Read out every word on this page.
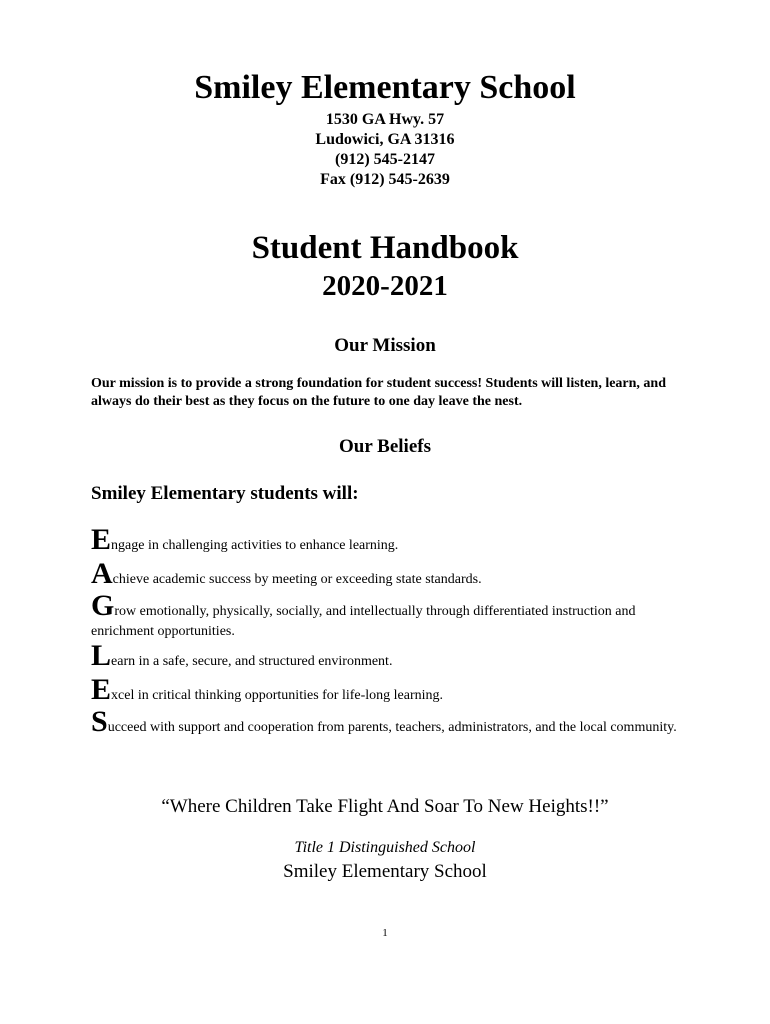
Smiley Elementary School
1530 GA Hwy. 57
Ludowici, GA 31316
(912) 545-2147
Fax (912) 545-2639
Student Handbook
2020-2021
Our Mission
Our mission is to provide a strong foundation for student success! Students will listen, learn, and always do their best as they focus on the future to one day leave the nest.
Our Beliefs
Smiley Elementary students will:

Engage in challenging activities to enhance learning.

Achieve academic success by meeting or exceeding state standards.

Grow emotionally, physically, socially, and intellectually through differentiated instruction and enrichment opportunities.

Learn in a safe, secure, and structured environment.

Excel in critical thinking opportunities for life-long learning.

Succeed with support and cooperation from parents, teachers, administrators, and the local community.

“Where Children Take Flight And Soar To New Heights!!”
Title 1 Distinguished School
Smiley Elementary School
1
